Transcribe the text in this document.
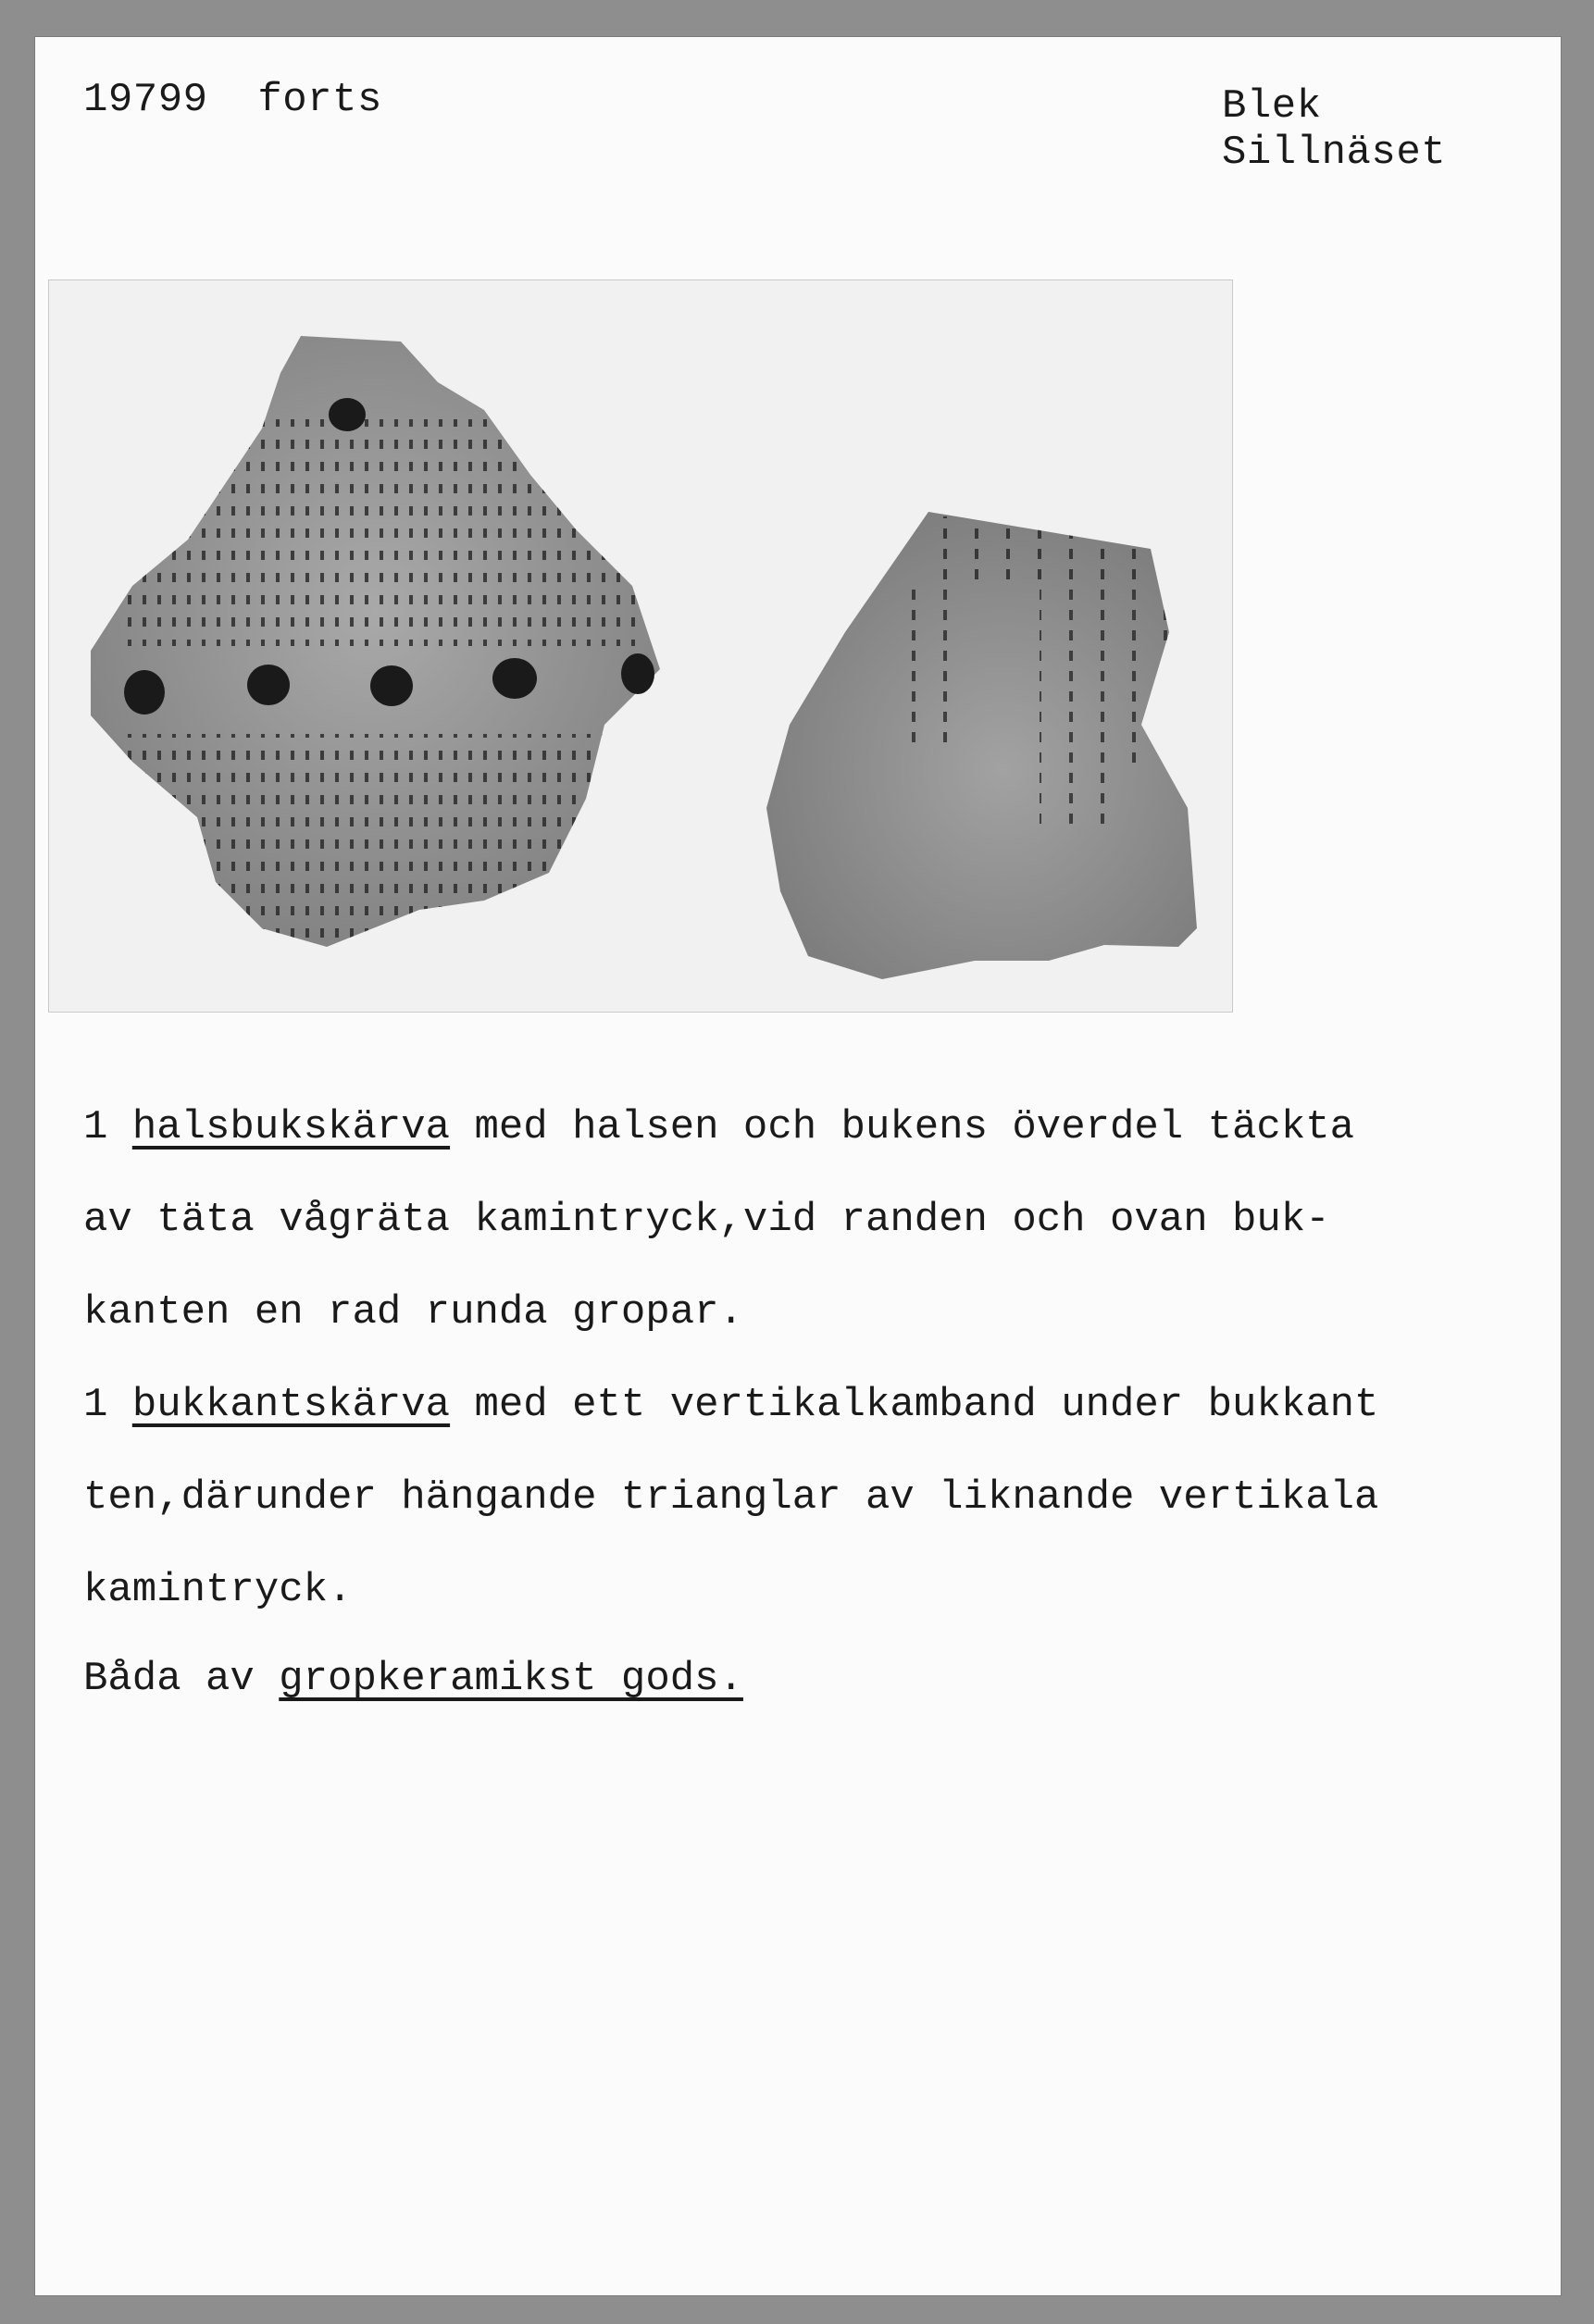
19799 forts	Blek
Sillnäset
1 halsbukskärva med halsen och bukens överdel täckta
av täta vågräta kamintryck,vid randen och ovan buk-
kanten en rad runda gropar.
1 bukkantskärva med ett vertikalkamband under bukkant
ten,därunder hängande trianglar av liknande vertikala
kamintryck.
Båda av gropkeramikst gods.
